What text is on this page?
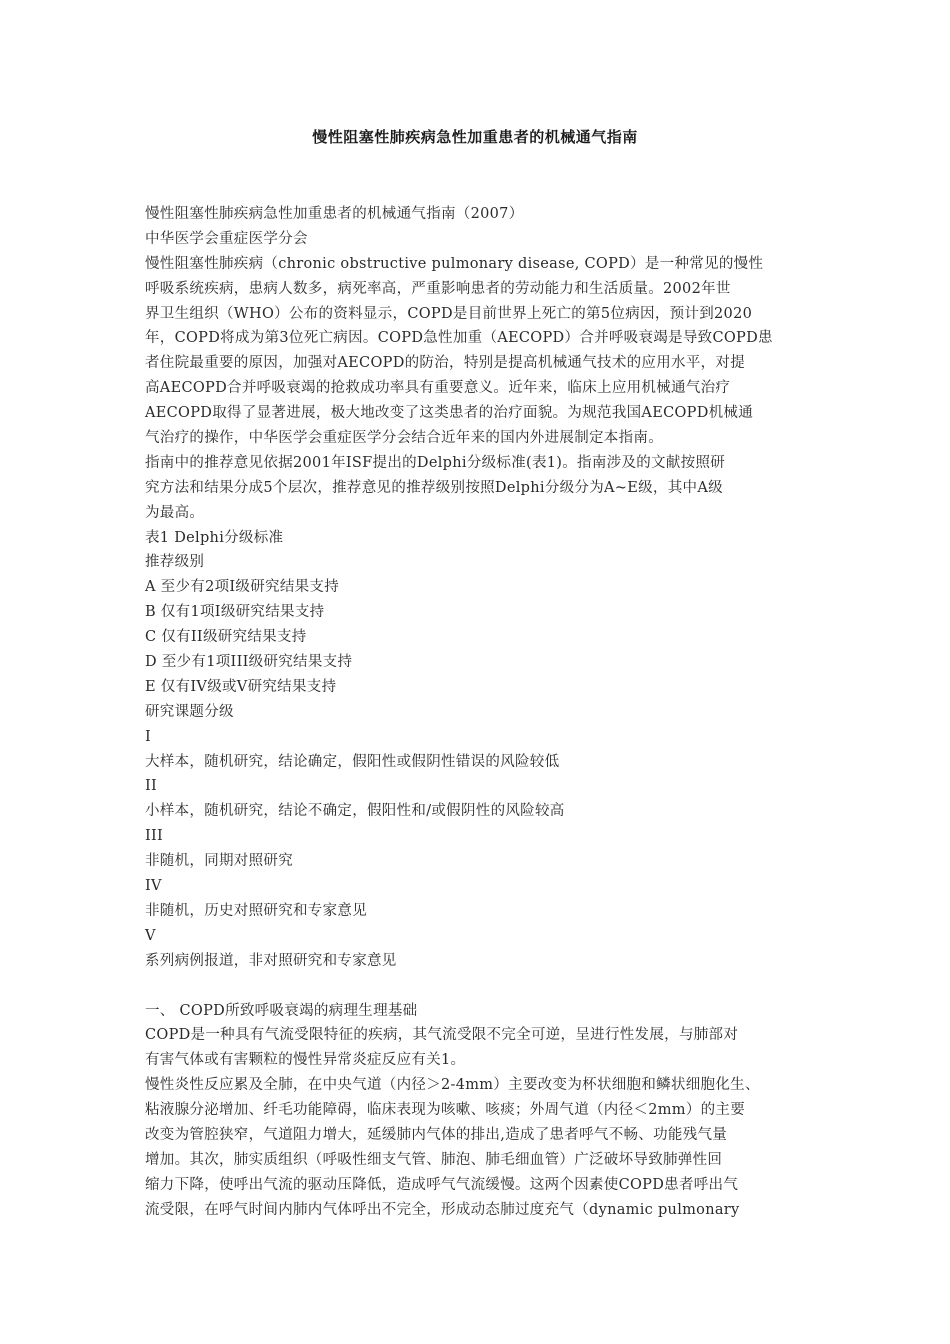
慢性阻塞性肺疾病急性加重患者的机械通气指南
慢性阻塞性肺疾病急性加重患者的机械通气指南（2007）
中华医学会重症医学分会
慢性阻塞性肺疾病（chronic obstructive pulmonary disease, COPD）是一种常见的慢性
呼吸系统疾病，患病人数多，病死率高，严重影响患者的劳动能力和生活质量。2002年世
界卫生组织（WHO）公布的资料显示，COPD是目前世界上死亡的第5位病因，预计到2020
年，COPD将成为第3位死亡病因。COPD急性加重（AECOPD）合并呼吸衰竭是导致COPD患
者住院最重要的原因，加强对AECOPD的防治，特别是提高机械通气技术的应用水平，对提
高AECOPD合并呼吸衰竭的抢救成功率具有重要意义。近年来，临床上应用机械通气治疗
AECOPD取得了显著进展，极大地改变了这类患者的治疗面貌。为规范我国AECOPD机械通
气治疗的操作，中华医学会重症医学分会结合近年来的国内外进展制定本指南。
指南中的推荐意见依据2001年ISF提出的Delphi分级标准(表1)。指南涉及的文献按照研
究方法和结果分成5个层次，推荐意见的推荐级别按照Delphi分级分为A~E级，其中A级
为最高。
表1 Delphi分级标准
推荐级别
A 至少有2项I级研究结果支持
B 仅有1项I级研究结果支持
C 仅有II级研究结果支持
D 至少有1项III级研究结果支持
E 仅有IV级或V研究结果支持
研究课题分级
I
大样本，随机研究，结论确定，假阳性或假阴性错误的风险较低
II
小样本，随机研究，结论不确定，假阳性和/或假阴性的风险较高
III
非随机，同期对照研究
IV
非随机，历史对照研究和专家意见
V
系列病例报道，非对照研究和专家意见
一、 COPD所致呼吸衰竭的病理生理基础
COPD是一种具有气流受限特征的疾病，其气流受限不完全可逆，呈进行性发展，与肺部对
有害气体或有害颗粒的慢性异常炎症反应有关1。
慢性炎性反应累及全肺，在中央气道（内径＞2-4mm）主要改变为杯状细胞和鳞状细胞化生、
粘液腺分泌增加、纤毛功能障碍，临床表现为咳嗽、咳痰；外周气道（内径＜2mm）的主要
改变为管腔狭窄，气道阻力增大，延缓肺内气体的排出,造成了患者呼气不畅、功能残气量
增加。其次，肺实质组织（呼吸性细支气管、肺泡、肺毛细血管）广泛破坏导致肺弹性回
缩力下降，使呼出气流的驱动压降低，造成呼气气流缓慢。这两个因素使COPD患者呼出气
流受限，在呼气时间内肺内气体呼出不完全，形成动态肺过度充气（dynamic pulmonary
